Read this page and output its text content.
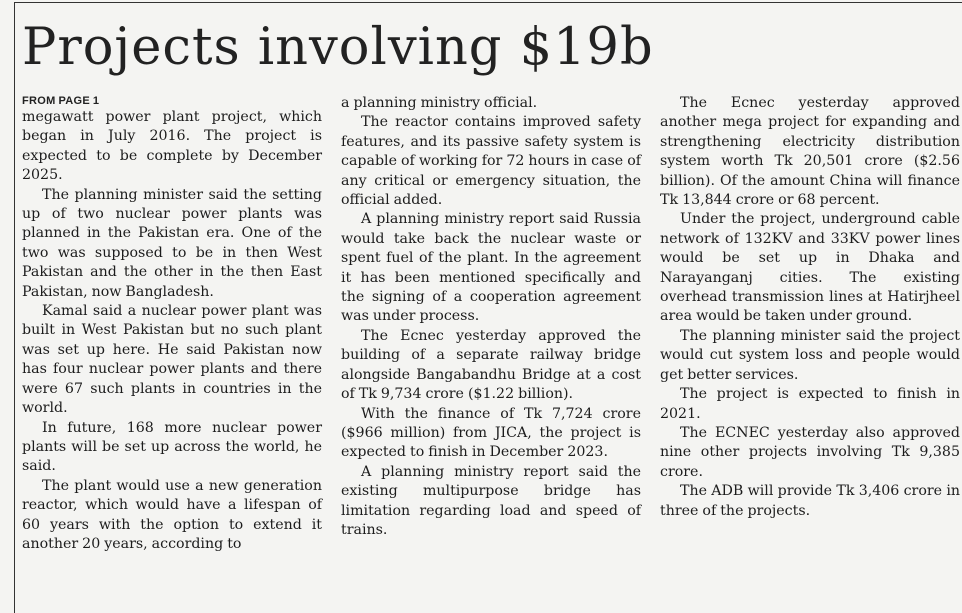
Projects involving $19b

FROM PAGE 1

megawatt power plant project, which began in July 2016. The project is expected to be complete by December 2025.

The planning minister said the setting up of two nuclear power plants was planned in the Pakistan era. One of the two was supposed to be in then West Pakistan and the other in the then East Pakistan, now Bangladesh.

Kamal said a nuclear power plant was built in West Pakistan but no such plant was set up here. He said Pakistan now has four nuclear power plants and there were 67 such plants in countries in the world.

In future, 168 more nuclear power plants will be set up across the world, he said.

The plant would use a new generation reactor, which would have a lifespan of 60 years with the option to extend it another 20 years, according to

a planning ministry official.

The reactor contains improved safety features, and its passive safety system is capable of working for 72 hours in case of any critical or emergency situation, the official added.

A planning ministry report said Russia would take back the nuclear waste or spent fuel of the plant. In the agreement it has been mentioned specifically and the signing of a cooperation agreement was under process.

The Ecnec yesterday approved the building of a separate railway bridge alongside Bangabandhu Bridge at a cost of Tk 9,734 crore ($1.22 billion).

With the finance of Tk 7,724 crore ($966 million) from JICA, the project is expected to finish in December 2023.

A planning ministry report said the existing multipurpose bridge has limitation regarding load and speed of trains.

The Ecnec yesterday approved another mega project for expanding and strengthening electricity distribution system worth Tk 20,501 crore ($2.56 billion). Of the amount China will finance Tk 13,844 crore or 68 percent.

Under the project, underground cable network of 132KV and 33KV power lines would be set up in Dhaka and Narayanganj cities. The existing overhead transmission lines at Hatirjheel area would be taken under ground.

The planning minister said the project would cut system loss and people would get better services.

The project is expected to finish in 2021.

The ECNEC yesterday also approved nine other projects involving Tk 9,385 crore.

The ADB will provide Tk 3,406 crore in three of the projects.
